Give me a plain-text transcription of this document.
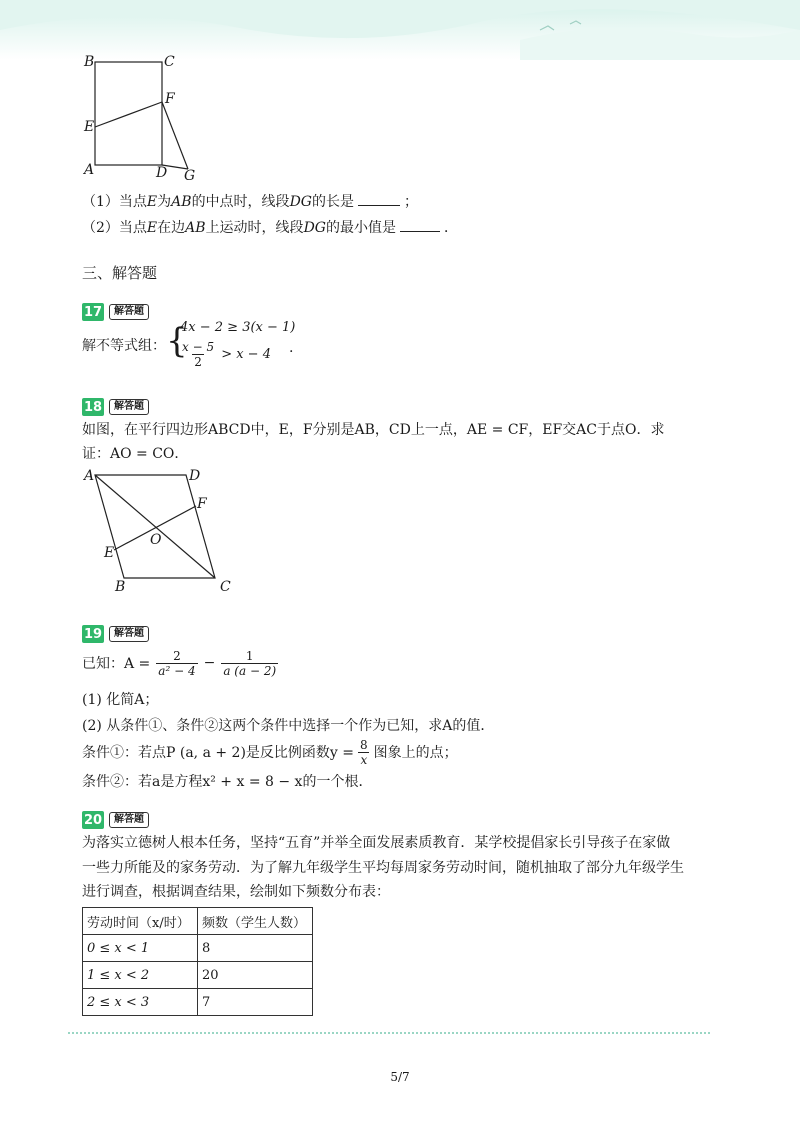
B	C
F
E
A	D G
（1）当点E为AB的中点时，线段DG的长是	；
（2）当点E在边AB上运动时，线段DG的最小值是	．
三、解答题
17	解答题
解不等式组： {
4x − 2 ≥ 3(x − 1)
$\frac{x - 5}{2} > x - 4$ .
18	解答题
如图，在平行四边形ABCD中，E，F分别是AB，CD上一点，AE = CF，EF交AC于点O．求
证：AO = CO．
A	D
F
O
E
B	C
19	解答题
已知：$A = \frac{2}{\text{a² − 4}} - \frac{1}{a (a - 2)}$
(1) 化简A；
(2) 从条件①、条件②这两个条件中选择一个作为已知，求A的值．
条件①：若点P (a, a + 2)是反比例函数$y = \frac{8}{x}$ 图象上的点；
条件②：若a是方程x² + x = 8 − x的一个根．
20	解答题
为落实立德树人根本任务，坚持“五育”并举全面发展素质教育．某学校提倡家长引导孩子在家做
一些力所能及的家务劳动．为了解九年级学生平均每周家务劳动时间，随机抽取了部分九年级学生
进行调查，根据调查结果，绘制如下频数分布表：
劳动时间（x/时）	频数（学生人数）
0 ≤ x < 1	8
1 ≤ x < 2	20
2 ≤ x < 3	7
5/7
